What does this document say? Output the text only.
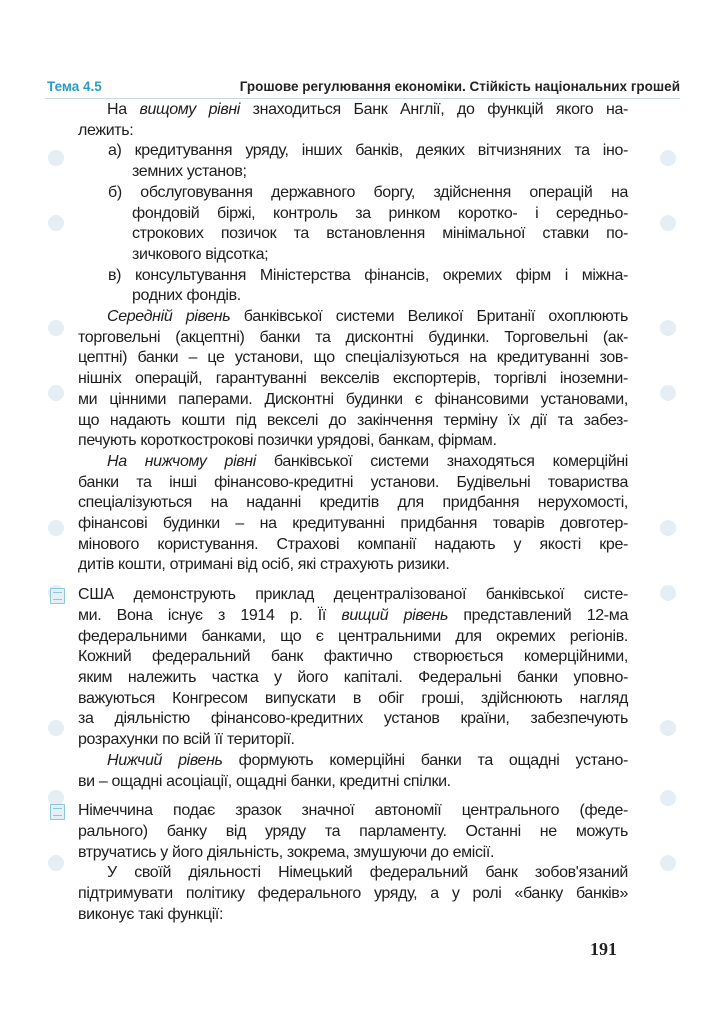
Тема 4.5	Грошове регулювання економіки. Стійкість національних грошей
На вищому рівні знаходиться Банк Англії, до функцій якого на-
лежить:
а) кредитування уряду, інших банків, деяких вітчизняних та іно-
земних установ;
б) обслуговування державного боргу, здійснення операцій на
фондовій біржі, контроль за ринком коротко- і середньо-
строкових позичок та встановлення мінімальної ставки по-
зичкового відсотка;
в) консультування Міністерства фінансів, окремих фірм і міжна-
родних фондів.
Середній рівень банківської системи Великої Британії охоплюють
торговельні (акцептні) банки та дисконтні будинки. Торговельні (ак-
цептні) банки – це установи, що спеціалізуються на кредитуванні зов-
нішніх операцій, гарантуванні векселів експортерів, торгівлі іноземни-
ми цінними паперами. Дисконтні будинки є фінансовими установами,
що надають кошти під векселі до закінчення терміну їх дії та забез-
печують короткострокові позички урядові, банкам, фірмам.
На нижчому рівні банківської системи знаходяться комерційні
банки та інші фінансово-кредитні установи. Будівельні товариства
спеціалізуються на наданні кредитів для придбання нерухомості,
фінансові будинки – на кредитуванні придбання товарів довготер-
мінового користування. Страхові компанії надають у якості кре-
дитів кошти, отримані від осіб, які страхують ризики.
США демонструють приклад децентралізованої банківської систе-
ми. Вона існує з 1914 р. Її вищий рівень представлений 12-ма
федеральними банками, що є центральними для окремих регіонів.
Кожний федеральний банк фактично створюється комерційними,
яким належить частка у його капіталі. Федеральні банки уповно-
важуються Конгресом випускати в обіг гроші, здійснюють нагляд
за діяльністю фінансово-кредитних установ країни, забезпечують
розрахунки по всій її території.
Нижчий рівень формують комерційні банки та ощадні устано-
ви – ощадні асоціації, ощадні банки, кредитні спілки.
Німеччина подає зразок значної автономії центрального (феде-
рального) банку від уряду та парламенту. Останні не можуть
втручатись у його діяльність, зокрема, змушуючи до емісії.
У своїй діяльності Німецький федеральний банк зобов'язаний
підтримувати політику федерального уряду, а у ролі «банку банків»
виконує такі функції:
191
